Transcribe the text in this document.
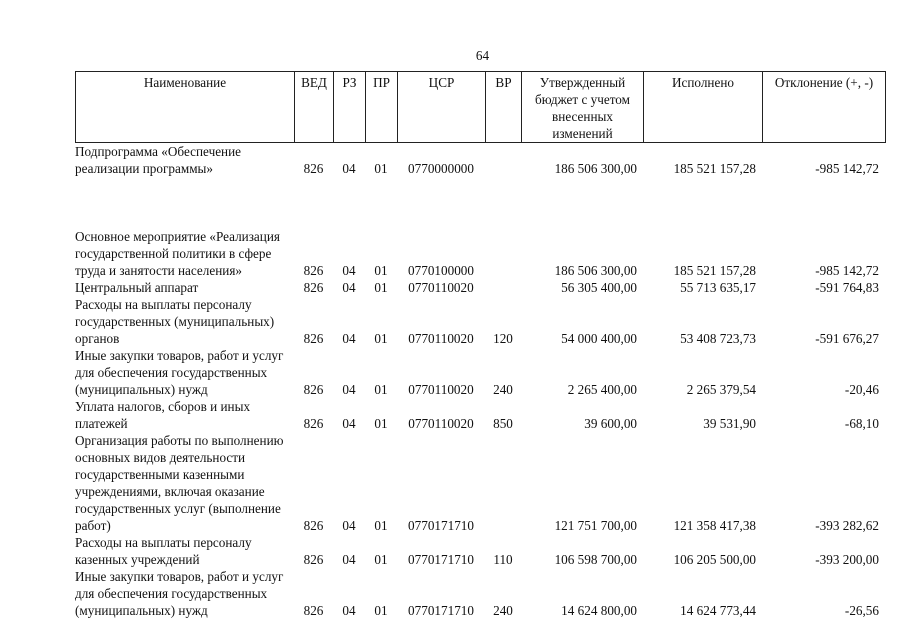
64
Наименование	ВЕД	РЗ	ПР	ЦСР	ВР	Утвержденный бюджет с учетом внесенных изменений	Исполнено	Отклонение (+, -)
Подпрограмма «Обеспечение реализации программы»	826	04	01	0770000000		186 506 300,00	185 521 157,28	-985 142,72
Основное мероприятие «Реализация государственной политики в сфере труда и занятости населения»	826	04	01	0770100000		186 506 300,00	185 521 157,28	-985 142,72
Центральный аппарат	826	04	01	0770110020		56 305 400,00	55 713 635,17	-591 764,83
Расходы на выплаты персоналу государственных (муниципальных) органов	826	04	01	0770110020	120	54 000 400,00	53 408 723,73	-591 676,27
Иные закупки товаров, работ и услуг для обеспечения государственных (муниципальных) нужд	826	04	01	0770110020	240	2 265 400,00	2 265 379,54	-20,46
Уплата налогов, сборов и иных платежей	826	04	01	0770110020	850	39 600,00	39 531,90	-68,10
Организация работы по выполнению основных видов деятельности государственными казенными учреждениями, включая оказание государственных услуг (выполнение работ)	826	04	01	0770171710		121 751 700,00	121 358 417,38	-393 282,62
Расходы на выплаты персоналу казенных учреждений	826	04	01	0770171710	110	106 598 700,00	106 205 500,00	-393 200,00
Иные закупки товаров, работ и услуг для обеспечения государственных (муниципальных) нужд	826	04	01	0770171710	240	14 624 800,00	14 624 773,44	-26,56
